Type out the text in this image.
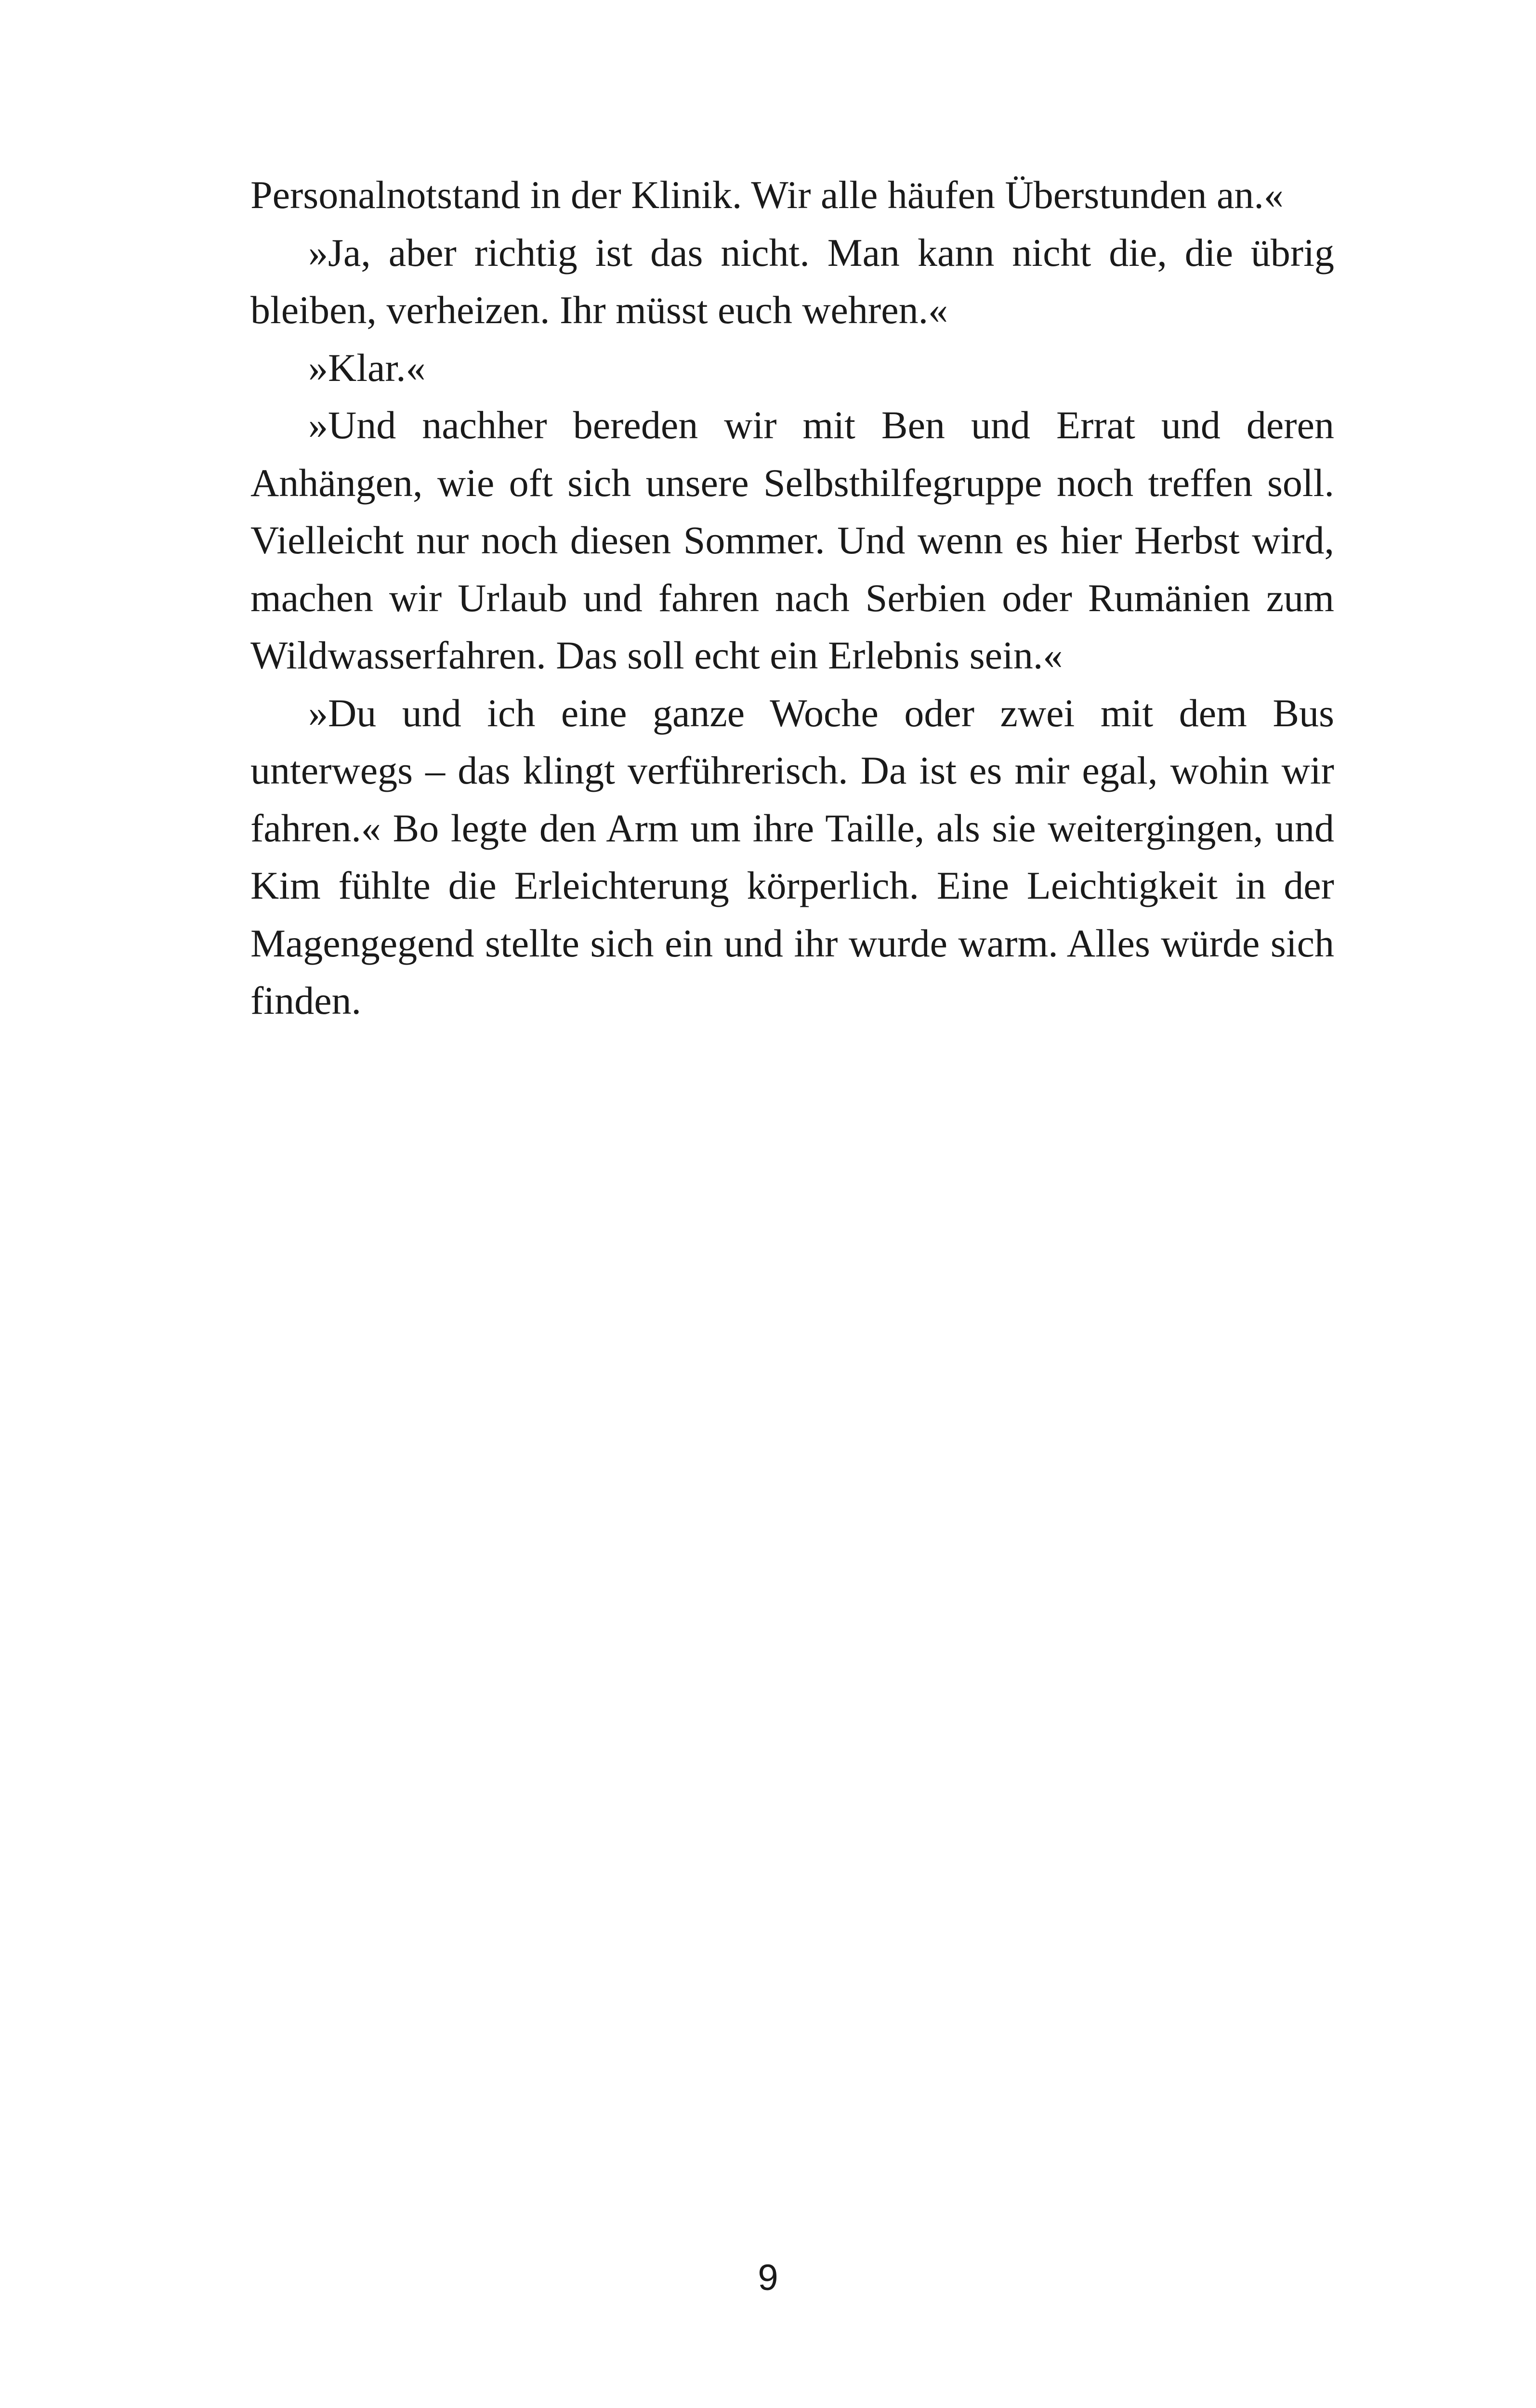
Personalnotstand in der Klinik. Wir alle häufen Überstunden an.«

»Ja, aber richtig ist das nicht. Man kann nicht die, die übrig bleiben, verheizen. Ihr müsst euch wehren.«

»Klar.«

»Und nachher bereden wir mit Ben und Errat und deren Anhängen, wie oft sich unsere Selbsthilfegruppe noch treffen soll. Vielleicht nur noch diesen Sommer. Und wenn es hier Herbst wird, machen wir Urlaub und fahren nach Serbien oder Rumänien zum Wildwasserfahren. Das soll echt ein Erlebnis sein.«

»Du und ich eine ganze Woche oder zwei mit dem Bus unterwegs – das klingt verführerisch. Da ist es mir egal, wohin wir fahren.« Bo legte den Arm um ihre Taille, als sie weitergingen, und Kim fühlte die Erleichterung körperlich. Eine Leichtigkeit in der Magengegend stellte sich ein und ihr wurde warm. Alles würde sich finden.

9
